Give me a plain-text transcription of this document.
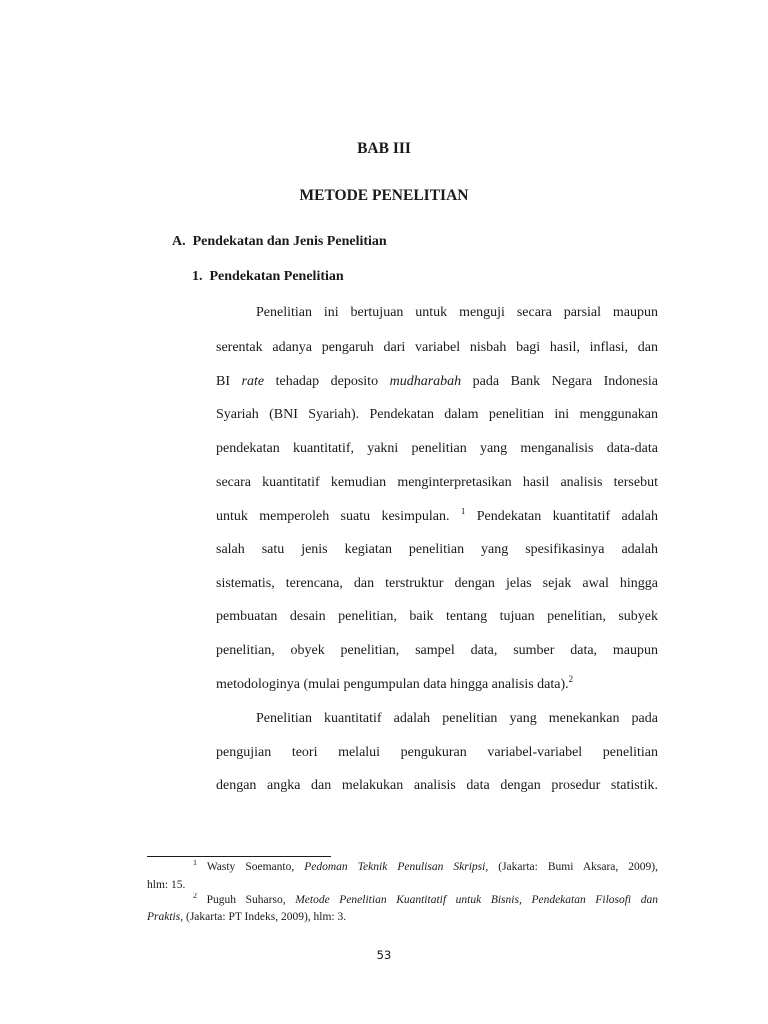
BAB III
METODE PENELITIAN
A.  Pendekatan dan Jenis Penelitian
1.  Pendekatan Penelitian
Penelitian ini bertujuan untuk menguji secara parsial maupun
serentak adanya pengaruh dari variabel nisbah bagi hasil, inflasi, dan
BI rate tehadap deposito mudharabah pada Bank Negara Indonesia
Syariah (BNI Syariah). Pendekatan dalam penelitian ini menggunakan
pendekatan kuantitatif, yakni penelitian yang menganalisis data-data
secara kuantitatif kemudian menginterpretasikan hasil analisis tersebut
untuk memperoleh suatu kesimpulan. $^1$ Pendekatan kuantitatif adalah
salah satu jenis kegiatan penelitian yang spesifikasinya adalah
sistematis, terencana, dan terstruktur dengan jelas sejak awal hingga
pembuatan desain penelitian, baik tentang tujuan penelitian, subyek
penelitian, obyek penelitian, sampel data, sumber data, maupun
metodologinya (mulai pengumpulan data hingga analisis data).$^2$
Penelitian kuantitatif adalah penelitian yang menekankan pada
pengujian teori melalui pengukuran variabel-variabel penelitian
dengan angka dan melakukan analisis data dengan prosedur statistik.
$^1$ Wasty Soemanto, Pedoman Teknik Penulisan Skripsi, (Jakarta: Bumi Aksara, 2009),
hlm: 15.
$^2$ Puguh Suharso, Metode Penelitian Kuantitatif untuk Bisnis, Pendekatan Filosofi dan
Praktis, (Jakarta: PT Indeks, 2009), hlm: 3.
53
